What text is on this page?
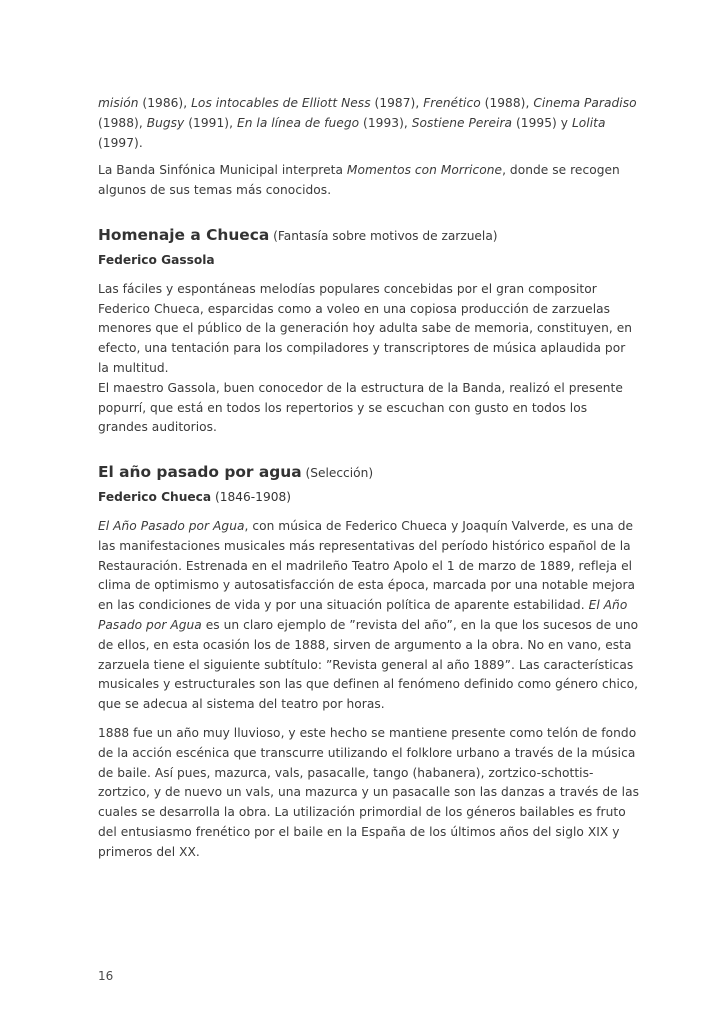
misión (1986), Los intocables de Elliott Ness (1987), Frenético (1988), Cinema Paradiso (1988), Bugsy (1991), En la línea de fuego (1993), Sostiene Pereira (1995) y Lolita (1997).

La Banda Sinfónica Municipal interpreta Momentos con Morricone, donde se recogen algunos de sus temas más conocidos.

Homenaje a Chueca (Fantasía sobre motivos de zarzuela)
Federico Gassola

Las fáciles y espontáneas melodías populares concebidas por el gran compositor Federico Chueca, esparcidas como a voleo en una copiosa producción de zarzuelas menores que el público de la generación hoy adulta sabe de memoria, constituyen, en efecto, una tentación para los compiladores y transcriptores de música aplaudida por la multitud.
El maestro Gassola, buen conocedor de la estructura de la Banda, realizó el presente popurrí, que está en todos los repertorios y se escuchan con gusto en todos los grandes auditorios.

El año pasado por agua (Selección)
Federico Chueca (1846-1908)

El Año Pasado por Agua, con música de Federico Chueca y Joaquín Valverde, es una de las manifestaciones musicales más representativas del período histórico español de la Restauración. Estrenada en el madrileño Teatro Apolo el 1 de marzo de 1889, refleja el clima de optimismo y autosatisfacción de esta época, marcada por una notable mejora en las condiciones de vida y por una situación política de aparente estabilidad. El Año Pasado por Agua es un claro ejemplo de ”revista del año”, en la que los sucesos de uno de ellos, en esta ocasión los de 1888, sirven de argumento a la obra. No en vano, esta zarzuela tiene el siguiente subtítulo: ”Revista general al año 1889”. Las características musicales y estructurales son las que definen al fenómeno definido como género chico, que se adecua al sistema del teatro por horas.

1888 fue un año muy lluvioso, y este hecho se mantiene presente como telón de fondo de la acción escénica que transcurre utilizando el folklore urbano a través de la música de baile. Así pues, mazurca, vals, pasacalle, tango (habanera), zortzico-schottis-zortzico, y de nuevo un vals, una mazurca y un pasacalle son las danzas a través de las cuales se desarrolla la obra. La utilización primordial de los géneros bailables es fruto del entusiasmo frenético por el baile en la España de los últimos años del siglo XIX y primeros del XX.

16
